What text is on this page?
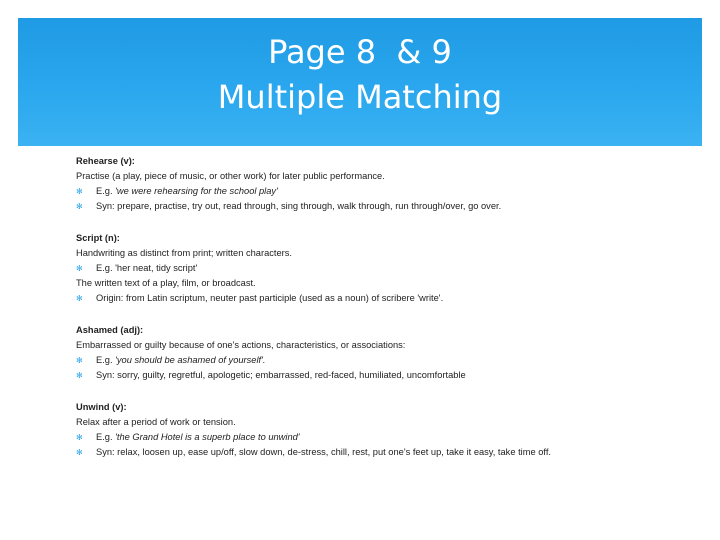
Page 8  & 9
Multiple Matching
Rehearse (v):
Practise (a play, piece of music, or other work) for later public performance.
✻	E.g. 'we were rehearsing for the school play'
✻	Syn: prepare, practise, try out, read through, sing through, walk through, run through/over, go over.
Script (n):
Handwriting as distinct from print; written characters.
✻	E.g. 'her neat, tidy script'
The written text of a play, film, or broadcast.
✻	Origin: from Latin scriptum, neuter past participle (used as a noun) of scribere 'write'.
Ashamed (adj):
Embarrassed or guilty because of one's actions, characteristics, or associations:
✻	E.g. 'you should be ashamed of yourself'.
✻	Syn: sorry, guilty, regretful, apologetic; embarrassed, red-faced, humiliated, uncomfortable
Unwind (v):
Relax after a period of work or tension.
✻	E.g. 'the Grand Hotel is a superb place to unwind'
✻	Syn: relax, loosen up, ease up/off, slow down, de-stress, chill, rest, put one's feet up, take it easy, take time off.
